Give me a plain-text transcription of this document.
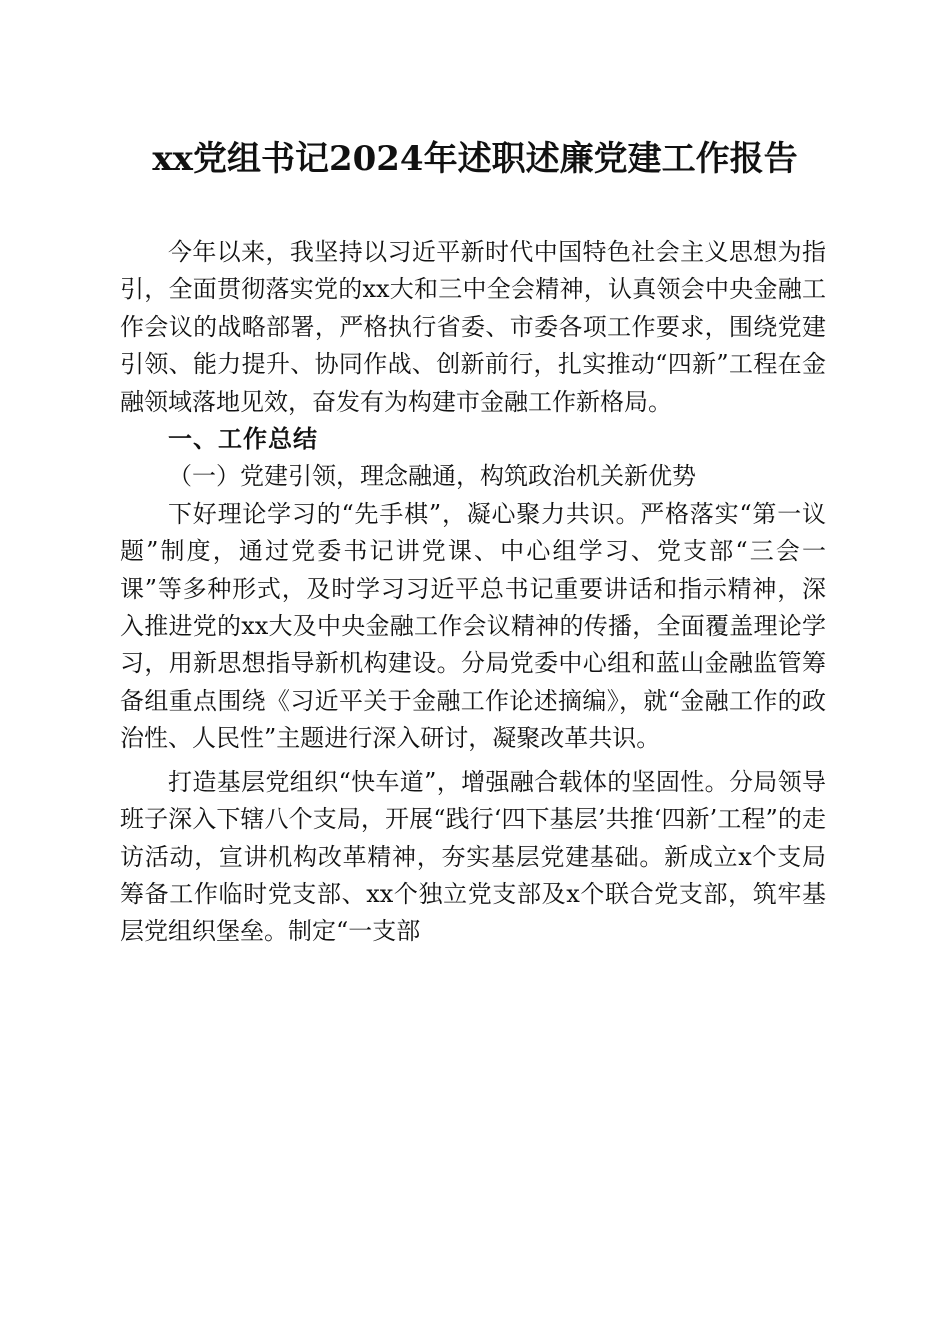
xx党组书记2024年述职述廉党建工作报告

今年以来，我坚持以习近平新时代中国特色社会主义思想为指引，全面贯彻落实党的xx大和三中全会精神，认真领会中央金融工作会议的战略部署，严格执行省委、市委各项工作要求，围绕党建引领、能力提升、协同作战、创新前行，扎实推动“四新”工程在金融领域落地见效，奋发有为构建市金融工作新格局。

一、工作总结

（一）党建引领，理念融通，构筑政治机关新优势

下好理论学习的“先手棋”，凝心聚力共识。严格落实“第一议题”制度，通过党委书记讲党课、中心组学习、党支部“三会一课”等多种形式，及时学习习近平总书记重要讲话和指示精神，深入推进党的xx大及中央金融工作会议精神的传播，全面覆盖理论学习，用新思想指导新机构建设。分局党委中心组和蓝山金融监管筹备组重点围绕《习近平关于金融工作论述摘编》，就“金融工作的政治性、人民性”主题进行深入研讨，凝聚改革共识。

打造基层党组织“快车道”，增强融合载体的坚固性。分局领导班子深入下辖八个支局，开展“践行‘四下基层’共推‘四新’工程”的走访活动，宣讲机构改革精神，夯实基层党建基础。新成立x个支局筹备工作临时党支部、xx个独立党支部及x个联合党支部，筑牢基层党组织堡垒。制定“一支部
